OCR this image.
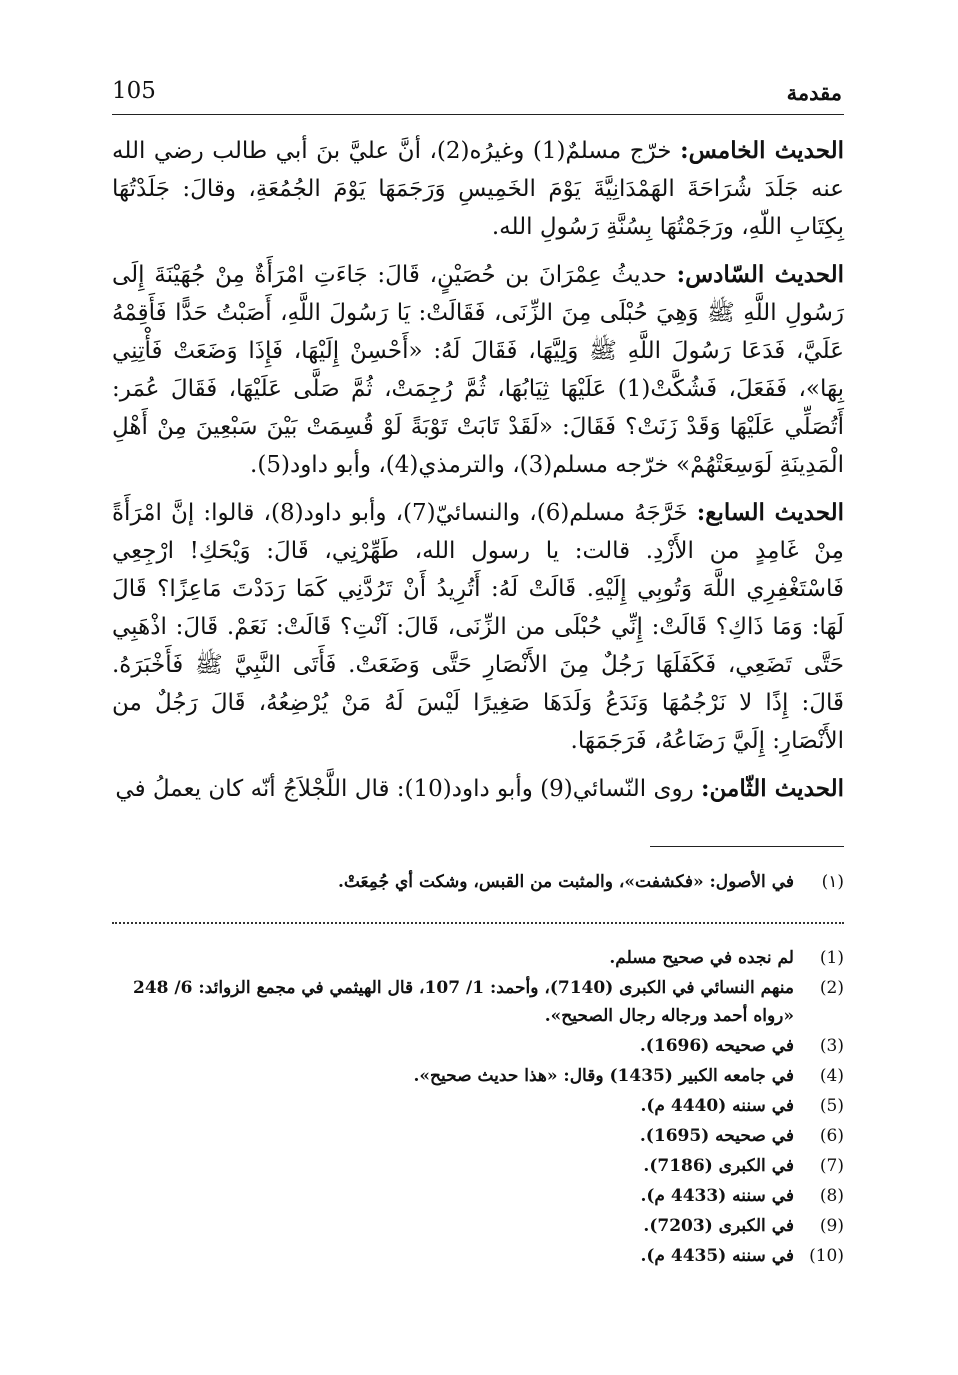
105	مقدمة

الحديث الخامس: خرّج مسلمٌ(1) وغيرُه(2)، أنَّ عليَّ بنَ أبي طالب رضي الله عنه جَلَدَ شُرَاحَةَ الهَمْدَانِيَّةَ يَوْمَ الخَمِيسِ وَرَجَمَهَا يَوْمَ الجُمُعَةِ، وقالَ: جَلَدْتُهَا بِكِتَابِ اللّهِ، ورَجَمْتُهَا بِسُنَّةِ رَسُولِ الله.

الحديث السّادس: حديثُ عِمْرَانَ بن حُصَيْنٍ، قَالَ: جَاءَتِ امْرَأَةٌ مِنْ جُهَيْنَةَ إِلَى رَسُولِ اللَّهِ ﷺ وَهِيَ حُبْلَى مِنَ الزِّنَى، فَقَالَتْ: يَا رَسُولَ اللَّهِ، أَصَبْتُ حَدًّا فَأَقِمْهُ عَلَيَّ، فَدَعَا رَسُولَ اللَّهِ ﷺ وَلِيَّهَا، فَقَالَ لَهُ: «أَحْسِنْ إِلَيْهَا، فَإِذَا وَضَعَتْ فَأْتِنِي بِهَا»، فَفَعَلَ، فَشُكَّتْ(1) عَلَيْهَا ثِيَابُهَا، ثُمَّ رُجِمَتْ، ثُمَّ صَلَّى عَلَيْهَا، فَقَالَ عُمَر: أَتُصَلِّي عَلَيْهَا وَقَدْ زَنَتْ؟ فَقَالَ: «لَقَدْ تَابَتْ تَوْبَةً لَوْ قُسِمَتْ بَيْنَ سَبْعِينَ مِنْ أَهْلِ الْمَدِينَةِ لَوَسِعَتْهُمْ» خرّجه مسلم(3)، والترمذي(4)، وأبو داود(5).

الحديث السابع: خَرَّجَهُ مسلم(6)، والنسائيّ(7)، وأبو داود(8)، قالوا: إنَّ امْرَأَةً مِنْ غَامِدٍ من الأَزْدِ. قالت: يا رسول الله، طَهِّرْنِي، قَالَ: وَيْحَكِ! ارْجِعِي فَاسْتَغْفِرِي اللَّهَ وَتُوبِي إِلَيْهِ. قَالَتْ لَهُ: أَتُرِيدُ أَنْ تَرُدَّنِي كَمَا رَدَدْتَ مَاعِزًا؟ قَالَ لَهَا: وَمَا ذَاكِ؟ قَالَتْ: إِنِّي حُبْلَى من الزِّنَى، قَالَ: آنْتِ؟ قَالَتْ: نَعَمْ. قَالَ: اذْهَبِي حَتَّى تَضَعِي، فَكَفَلَهَا رَجُلٌ مِنَ الأَنْصَارِ حَتَّى وَضَعَتْ. فَأَتَى النَّبِيَّ ﷺ فَأَخْبَرَهُ. قَالَ: إِذًا لا نَرْجُمُهَا وَنَدَعُ وَلَدَهَا صَغِيرًا لَيْسَ لَهُ مَنْ يُرْضِعُهُ، قَالَ رَجُلٌ من الأَنْصَارِ: إِلَيَّ رَضَاعُهُ، فَرَجَمَهَا.

الحديث الثّامن: روى النّسائي(9) وأبو داود(10): قال اللَّجْلاَجُ أنّه كان يعملُ في

(١)
في الأصول: «فكشفت»، والمثبت من القبس، وشكت أي جُمِعَتْ.
(1)
لم نجده في صحيح مسلم.
(2)
منهم النسائي في الكبرى (7140)، وأحمد: 1/ 107، قال الهيثمي في مجمع الزوائد: 6/ 248 «رواه أحمد ورجاله رجال الصحيح».
(3)
في صحيحه (1696).
(4)
في جامعه الكبير (1435) وقال: «هذا حديث صحيح».
(5)
في سننه (4440 م).
(6)
في صحيحه (1695).
(7)
في الكبرى (7186).
(8)
في سننه (4433 م).
(9)
في الكبرى (7203).
(10)
في سننه (4435 م).
